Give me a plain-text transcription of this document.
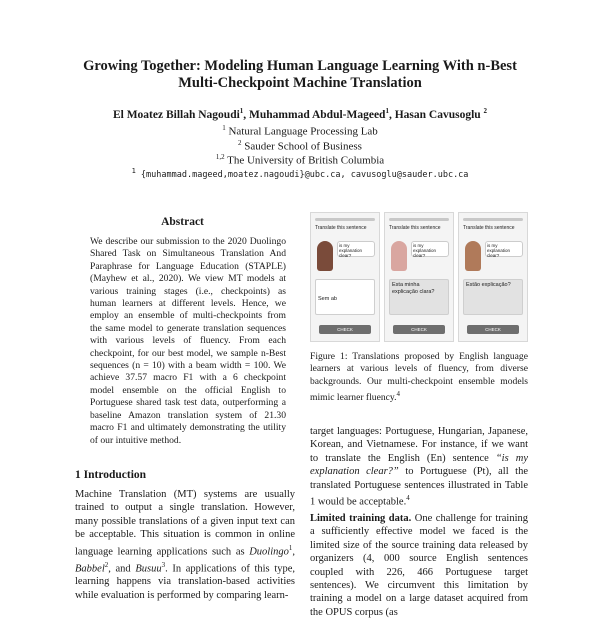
Growing Together: Modeling Human Language Learning With n-Best
Multi-Checkpoint Machine Translation
El Moatez Billah Nagoudi$^1$, Muhammad Abdul-Mageed$^1$, Hasan Cavusoglu $^2$
$^1$ Natural Language Processing Lab
$^2$ Sauder School of Business
$^{1,2}$ The University of British Columbia
$^1$ {muhammad.mageed,moatez.nagoudi}@ubc.ca, cavusoglu@sauder.ubc.ca
Abstract
We describe our submission to the 2020 Duolingo Shared Task on Simultaneous Translation And Paraphrase for Language Education (STAPLE) (Mayhew et al., 2020). We view MT models at various training stages (i.e., checkpoints) as human learners at different levels. Hence, we employ an ensemble of multi-checkpoints from the same model to generate translation sequences with various levels of fluency. From each checkpoint, for our best model, we sample n-Best sequences (n = 10) with a beam width = 100. We achieve 37.57 macro F1 with a 6 checkpoint model ensemble on the official English to Portuguese shared task test data, outperforming a baseline Amazon translation system of 21.30 macro F1 and ultimately demonstrating the utility of our intuitive method.
1 Introduction
Machine Translation (MT) systems are usually trained to output a single translation. However, many possible translations of a given input text can be acceptable. This situation is common in online language learning applications such as Duolingo$^1$, Babbel$^2$, and Busuu$^3$. In applications of this type, learning happens via translation-based activities while evaluation is performed by comparing learn-
Translate this sentence
is my explanation clear?

Sem ab
CHECK
Translate this sentence
is my explanation clear?
Esta minha explicação clara?
CHECK
Translate this sentence
is my explanation clear?
Estão explicação?
CHECK
Figure 1: Translations proposed by English language learners at various levels of fluency, from diverse backgrounds. Our multi-checkpoint ensemble models mimic learner fluency.$^4$
target languages: Portuguese, Hungarian, Japanese, Korean, and Vietnamese. For instance, if we want to translate the English (En) sentence “is my explanation clear?” to Portuguese (Pt), all the translated Portuguese sentences illustrated in Table 1 would be acceptable.$^4$
Limited training data. One challenge for training a sufficiently effective model we faced is the limited size of the source training data released by organizers (4, 000 source English sentences coupled with 226, 466 Portuguese target sentences). We circumvent this limitation by training a model on a large dataset acquired from the OPUS corpus (as
